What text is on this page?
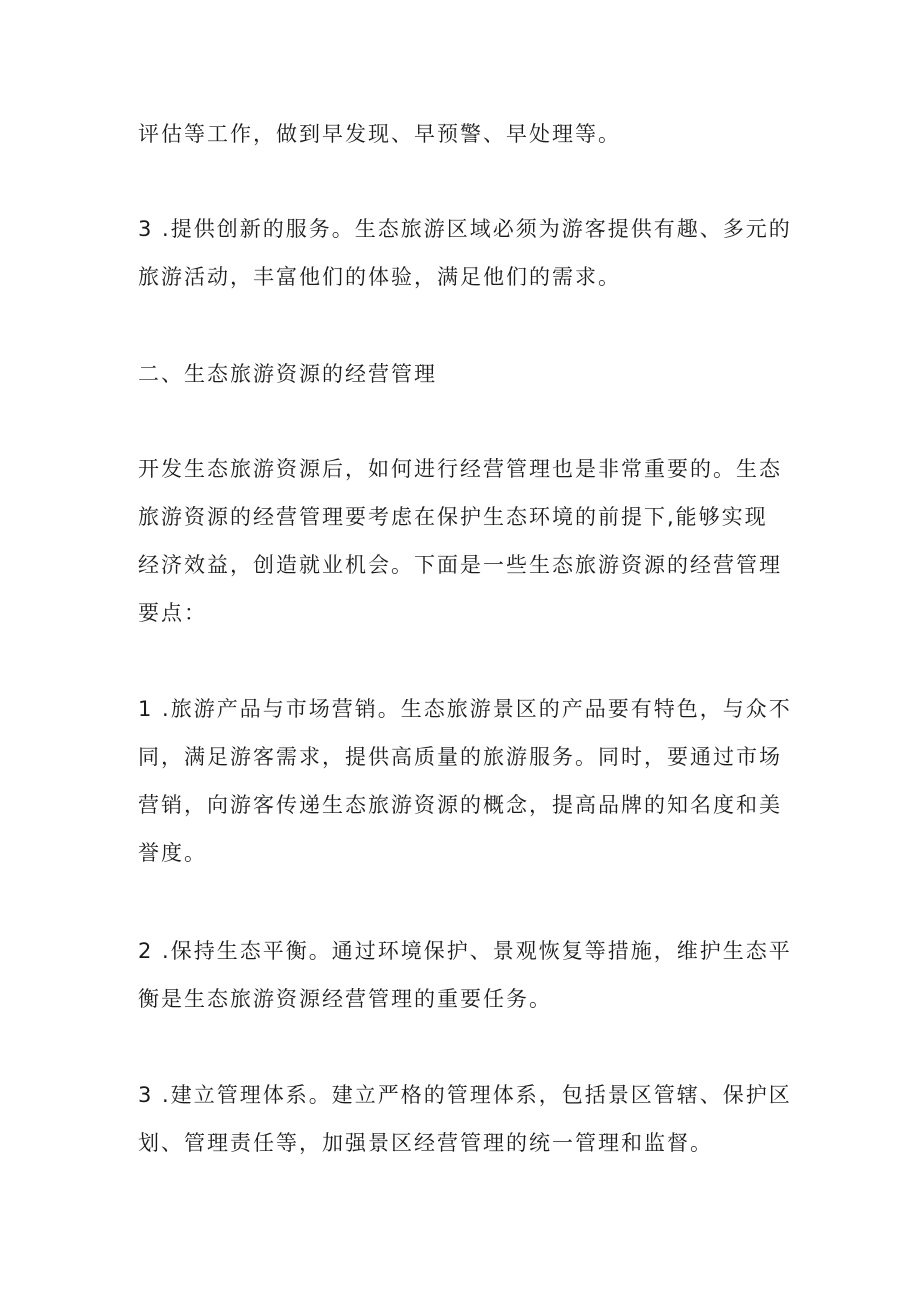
评估等工作，做到早发现、早预警、早处理等。

3 .提供创新的服务。生态旅游区域必须为游客提供有趣、多元的
旅游活动，丰富他们的体验，满足他们的需求。

二、生态旅游资源的经营管理

开发生态旅游资源后，如何进行经营管理也是非常重要的。生态
旅游资源的经营管理要考虑在保护生态环境的前提下,能够实现
经济效益，创造就业机会。下面是一些生态旅游资源的经营管理
要点：

1 .旅游产品与市场营销。生态旅游景区的产品要有特色，与众不
同，满足游客需求，提供高质量的旅游服务。同时，要通过市场
营销，向游客传递生态旅游资源的概念，提高品牌的知名度和美
誉度。

2 .保持生态平衡。通过环境保护、景观恢复等措施，维护生态平
衡是生态旅游资源经营管理的重要任务。

3 .建立管理体系。建立严格的管理体系，包括景区管辖、保护区
划、管理责任等，加强景区经营管理的统一管理和监督。
